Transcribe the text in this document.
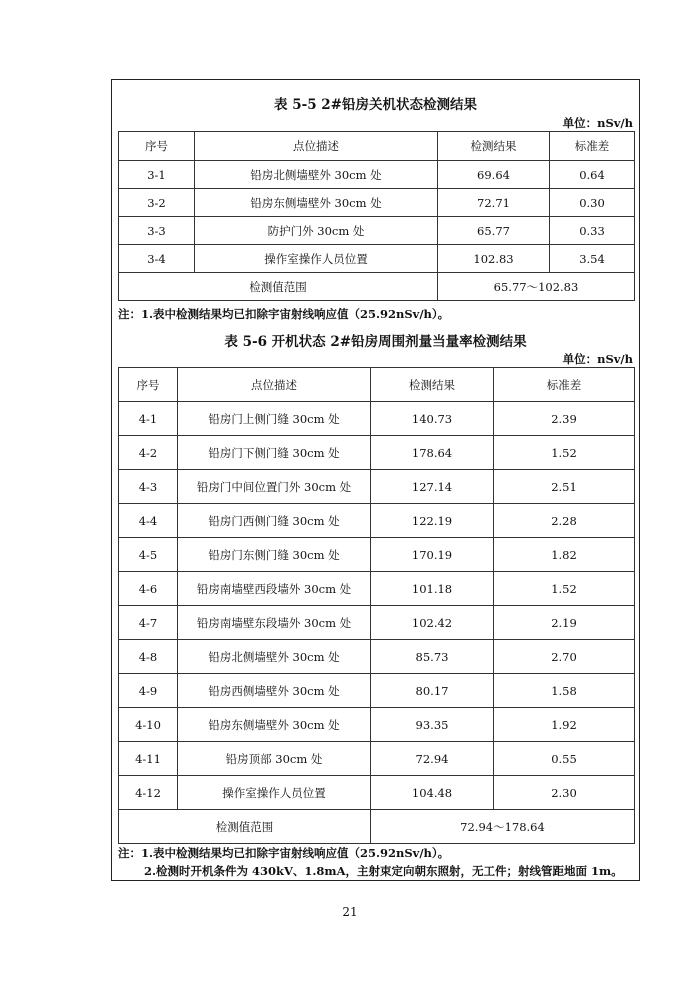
表 5-5 2#铅房关机状态检测结果
单位：nSv/h
序号	点位描述	检测结果	标准差
3-1	铅房北侧墙壁外 30cm 处	69.64	0.64
3-2	铅房东侧墙壁外 30cm 处	72.71	0.30
3-3	防护门外 30cm 处	65.77	0.33
3-4	操作室操作人员位置	102.83	3.54
检测值范围		65.77～102.83	
注：1.表中检测结果均已扣除宇宙射线响应值（25.92nSv/h）。
表 5-6 开机状态 2#铅房周围剂量当量率检测结果
单位：nSv/h
序号	点位描述	检测结果	标准差
4-1	铅房门上侧门缝 30cm 处	140.73	2.39
4-2	铅房门下侧门缝 30cm 处	178.64	1.52
4-3	铅房门中间位置门外 30cm 处	127.14	2.51
4-4	铅房门西侧门缝 30cm 处	122.19	2.28
4-5	铅房门东侧门缝 30cm 处	170.19	1.82
4-6	铅房南墙壁西段墙外 30cm 处	101.18	1.52
4-7	铅房南墙壁东段墙外 30cm 处	102.42	2.19
4-8	铅房北侧墙壁外 30cm 处	85.73	2.70
4-9	铅房西侧墙壁外 30cm 处	80.17	1.58
4-10	铅房东侧墙壁外 30cm 处	93.35	1.92
4-11	铅房顶部 30cm 处	72.94	0.55
4-12	操作室操作人员位置	104.48	2.30
检测值范围		72.94～178.64	
注：1.表中检测结果均已扣除宇宙射线响应值（25.92nSv/h）。
2.检测时开机条件为 430kV、1.8mA，主射束定向朝东照射，无工件；射线管距地面 1m。
21
